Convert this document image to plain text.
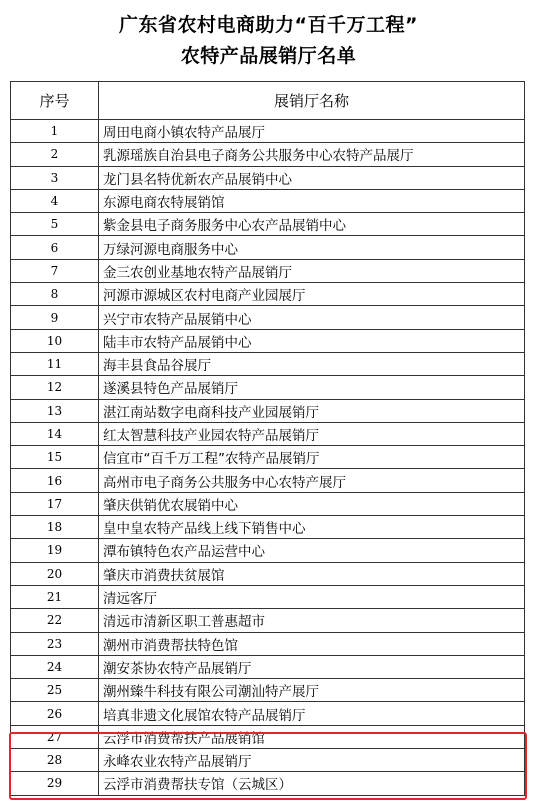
广东省农村电商助力“百千万工程”
农特产品展销厅名单
序号	展销厅名称
1	周田电商小镇农特产品展厅
2	乳源瑶族自治县电子商务公共服务中心农特产品展厅
3	龙门县名特优新农产品展销中心
4	东源电商农特展销馆
5	紫金县电子商务服务中心农产品展销中心
6	万绿河源电商服务中心
7	金三农创业基地农特产品展销厅
8	河源市源城区农村电商产业园展厅
9	兴宁市农特产品展销中心
10	陆丰市农特产品展销中心
11	海丰县食品谷展厅
12	遂溪县特色产品展销厅
13	湛江南站数字电商科技产业园展销厅
14	红太智慧科技产业园农特产品展销厅
15	信宜市“百千万工程”农特产品展销厅
16	高州市电子商务公共服务中心农特产展厅
17	肇庆供销优农展销中心
18	皇中皇农特产品线上线下销售中心
19	潭布镇特色农产品运营中心
20	肇庆市消费扶贫展馆
21	清远客厅
22	清远市清新区职工普惠超市
23	潮州市消费帮扶特色馆
24	潮安茶协农特产品展销厅
25	潮州臻牛科技有限公司潮汕特产展厅
26	培真非遗文化展馆农特产品展销厅
27	云浮市消费帮扶产品展销馆
28	永峰农业农特产品展销厅
29	云浮市消费帮扶专馆（云城区）
